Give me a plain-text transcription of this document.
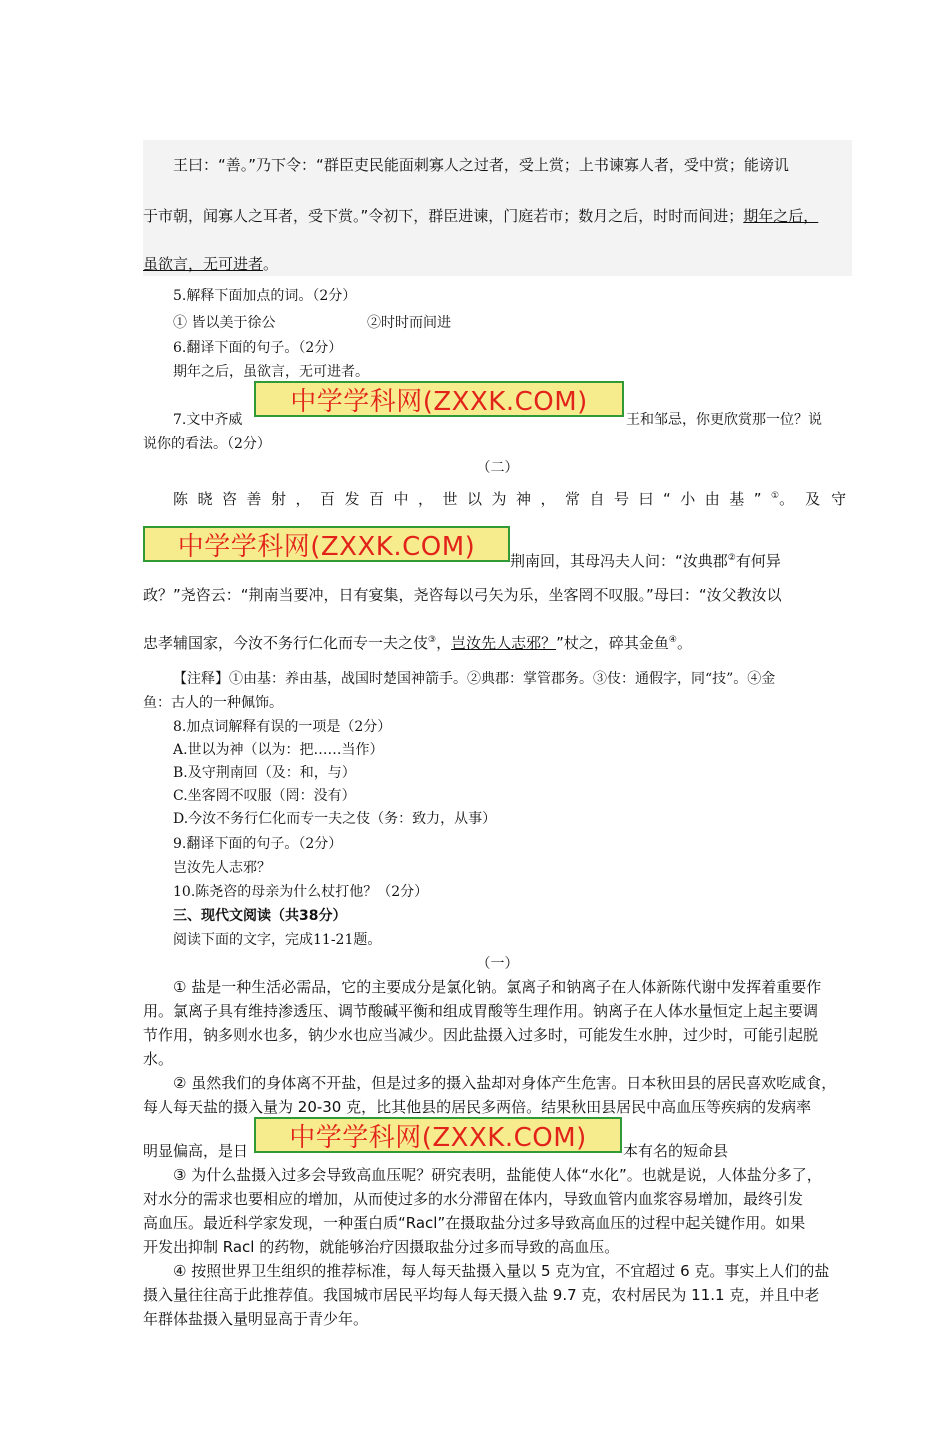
王曰：“善。”乃下令：“群臣吏民能面刺寡人之过者，受上赏；上书谏寡人者，受中赏；能谤讥
于市朝，闻寡人之耳者，受下赏。”令初下，群臣进谏，门庭若市；数月之后，时时而间进；期年之后，
虽欲言，无可进者。
5.解释下面加点的词。（2分）
① 皆以美于徐公	②时时而间进
6.翻译下面的句子。（2分）
期年之后，虽欲言，无可进者。
7.文中齐威
中学学科网(ZXXK.COM)
王和邹忌，你更欣赏那一位？说
说你的看法。（2分）
（二）
陈晓咨善射，百发百中，世以为神，常自号曰“小由基”①。及守
中学学科网(ZXXK.COM)	荆南回，其母冯夫人问：“汝典郡②有何异
政？”尧咨云：“荆南当要冲，日有宴集，尧咨每以弓矢为乐，坐客罔不叹服。”母曰：“汝父教汝以
忠孝辅国家，今汝不务行仁化而专一夫之伎③，岂汝先人志邪？”杖之，碎其金鱼④。
【注释】①由基：养由基，战国时楚国神箭手。②典郡：掌管郡务。③伎：通假字，同“技”。④金
鱼：古人的一种佩饰。
8.加点词解释有误的一项是（2分）
A.世以为神（以为：把……当作）
B.及守荆南回（及：和，与）
C.坐客罔不叹服（罔：没有）
D.今汝不务行仁化而专一夫之伎（务：致力，从事）
9.翻译下面的句子。（2分）
岂汝先人志邪？
10.陈尧咨的母亲为什么杖打他？（2分）
三、现代文阅读（共38分）
阅读下面的文字，完成11-21题。
（一）
① 盐是一种生活必需品，它的主要成分是氯化钠。氯离子和钠离子在人体新陈代谢中发挥着重要作
用。氯离子具有维持渗透压、调节酸碱平衡和组成胃酸等生理作用。钠离子在人体水量恒定上起主要调
节作用，钠多则水也多，钠少水也应当减少。因此盐摄入过多时，可能发生水肿，过少时，可能引起脱
水。
② 虽然我们的身体离不开盐，但是过多的摄入盐却对身体产生危害。日本秋田县的居民喜欢吃咸食，
每人每天盐的摄入量为 20-30 克，比其他县的居民多两倍。结果秋田县居民中高血压等疾病的发病率
明显偏高，是日	中学学科网(ZXXK.COM)	本有名的短命县
③ 为什么盐摄入过多会导致高血压呢？研究表明，盐能使人体“水化”。也就是说，人体盐分多了，
对水分的需求也要相应的增加，从而使过多的水分滞留在体内，导致血管内血浆容易增加，最终引发
高血压。最近科学家发现，一种蛋白质“Racl”在摄取盐分过多导致高血压的过程中起关键作用。如果
开发出抑制 Racl 的药物，就能够治疗因摄取盐分过多而导致的高血压。
④ 按照世界卫生组织的推荐标准，每人每天盐摄入量以 5 克为宜，不宜超过 6 克。事实上人们的盐
摄入量往往高于此推荐值。我国城市居民平均每人每天摄入盐 9.7 克，农村居民为 11.1 克，并且中老
年群体盐摄入量明显高于青少年。
